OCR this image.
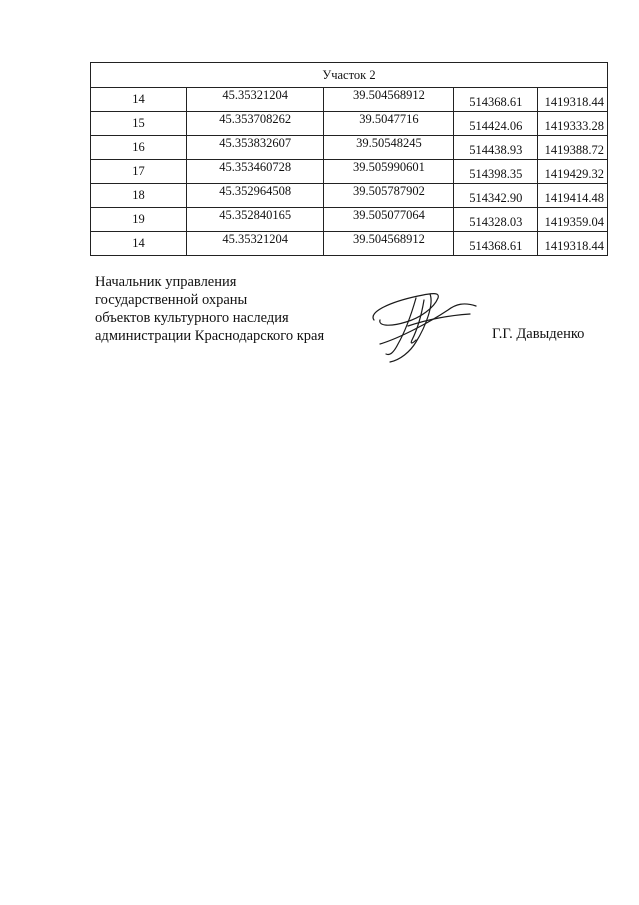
Участок 2				
14	45.35321204	39.504568912	514368.61	1419318.44
15	45.353708262	39.5047716	514424.06	1419333.28
16	45.353832607	39.50548245	514438.93	1419388.72
17	45.353460728	39.505990601	514398.35	1419429.32
18	45.352964508	39.505787902	514342.90	1419414.48
19	45.352840165	39.505077064	514328.03	1419359.04
14	45.35321204	39.504568912	514368.61	1419318.44
Начальник управления
государственной охраны
объектов культурного наследия
администрации Краснодарского края	Г.Г. Давыденко
